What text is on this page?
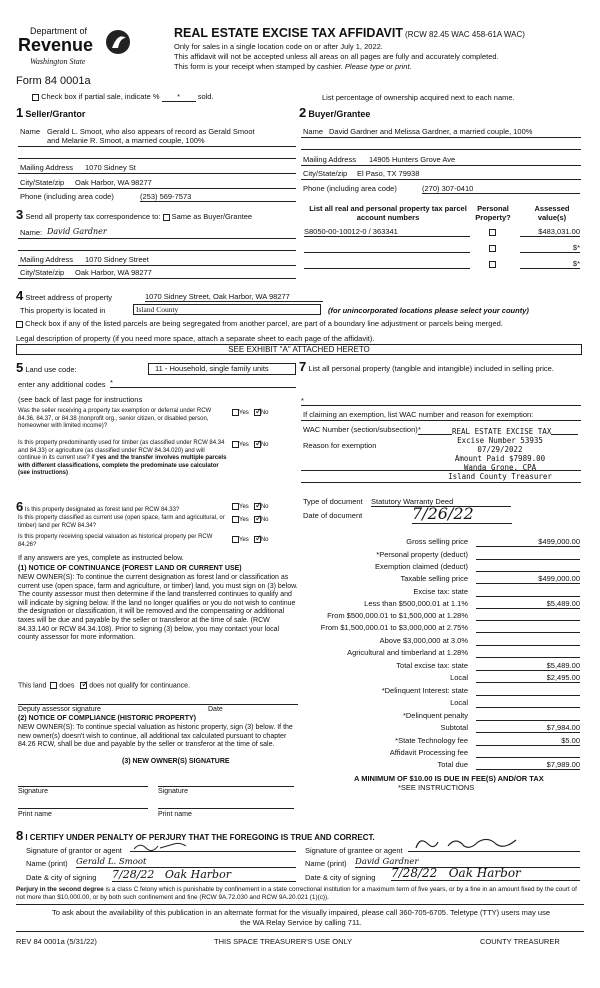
Department of
Revenue
Washington State
Form 84 0001a
REAL ESTATE EXCISE TAX AFFIDAVIT (RCW 82.45 WAC 458-61A WAC)
Only for sales in a single location code on or after July 1, 2022.
This affidavit will not be accepted unless all areas on all pages are fully and accurately completed.
This form is your receipt when stamped by cashier. Please type or print.
Check box if partial sale, indicate % * sold.	List percentage of ownership acquired next to each name.
1 Seller/Grantor
Name Gerald L. Smoot, who also appears of record as Gerald Smoot
and Melanie R. Smoot, a married couple, 100%
Mailing Address 1070 Sidney St
City/State/zip Oak Harbor, WA 98277
Phone (including area code)	(253) 569-7573
2 Buyer/Grantee
Name David Gardner and Melissa Gardner, a married couple, 100%
Mailing Address 14905 Hunters Grove Ave
City/State/zip El Paso, TX 79938
Phone (including area code)	(270) 307-0410
3 Send all property tax correspondence to: Same as Buyer/Grantee
Name: David Gardner
Mailing Address 1070 Sidney Street
City/State/zip Oak Harbor, WA 98277
List all real and personal property tax parcel account numbers
Personal Property?
Assessed value(s)
S8050-00-10012-0 / 363341	$483,031.00
$*
$*
4 Street address of property	1070 Sidney Street, Oak Harbor, WA 98277
This property is located in	Island County	(for unincorporated locations please select your county)
Check box if any of the listed parcels are being segregated from another parcel, are part of a boundary line adjustment or parcels being merged.
Legal description of property (if you need more space, attach a separate sheet to each page of the affidavit).
SEE EXHIBIT "A" ATTACHED HERETO
5 Land use code:	11 - Household, single family units
enter any additional codes *
(see back of last page for instructions
Was the seller receiving a property tax exemption or deferral under RCW 84.36, 84.37, or 84.38 (nonprofit org., senior citizen, or disabled person, homeowner with limited income)?
Yes ✓ No
Is this property predominantly used for timber (as classified under RCW 84.34 and 84.33) or agriculture (as classified under RCW 84.34.020) and will continue in its current use? If yes and the transfer involves multiple parcels with different classifications, complete the predominate use calculator (see instructions)
Yes ✓ No
6 Is this property designated as forest land per RCW 84.33?	Yes ✓ No
Is this property classified as current use (open space, farm and agricultural, or timber) land per RCW 84.34?
Yes ✓ No
Is this property receiving special valuation as historical property per RCW 84.26?
Yes ✓ No
If any answers are yes, complete as instructed below.
(1) NOTICE OF CONTINUANCE (FOREST LAND OR CURRENT USE)
NEW OWNER(S): To continue the current designation as forest land or classification as current use (open space, farm and agriculture, or timber) land, you must sign on (3) below. The county assessor must then determine if the land transferred continues to qualify and will indicate by signing below. If the land no longer qualifies or you do not wish to continue the designation or classification, it will be removed and the compensating or additional taxes will be due and payable by the seller or transferor at the time of sale. (RCW 84.33.140 or RCW 84.34.108). Prior to signing (3) below, you may contact your local county assessor for more information.
This land does ✓ does not qualify for continuance.
Deputy assessor signature	Date
(2) NOTICE OF COMPLIANCE (HISTORIC PROPERTY)
NEW OWNER(S): To continue special valuation as historic property, sign (3) below. If the new owner(s) doesn't wish to continue, all additional tax calculated pursuant to chapter 84.26 RCW, shall be due and payable by the seller or transferor at the time of sale.
(3) NEW OWNER(S) SIGNATURE
Signature	Signature
Print name	Print name
7 List all personal property (tangible and intangible) included in selling price.
*
If claiming an exemption, list WAC number and reason for exemption:
WAC Number (section/subsection) *
Reason for exemption
Excise Number 53935
07/29/2022
Amount Paid $7989.00
Wanda Grone, CPA
Island County Treasurer
REAL ESTATE EXCISE TAX
Type of document Statutory Warranty Deed
Date of document	7/26/22
Gross selling price	$499,000.00
*Personal property (deduct)
Exemption claimed (deduct)
Taxable selling price	$499,000.00
Excise tax: state
Less than $500,000.01 at 1.1%	$5,489.00
From $500,000.01 to $1,500,000 at 1.28%
From $1,500,000.01 to $3,000,000 at 2.75%
Above $3,000,000 at 3.0%
Agricultural and timberland at 1.28%
Total excise tax: state	$5,489.00
Local	$2,495.00
*Delinquent Interest: state
Local
*Delinquent penalty
Subtotal	$7,984.00
*State Technology fee	$5.00
Affidavit Processing fee
Total due	$7,989.00
A MINIMUM OF $10.00 IS DUE IN FEE(S) AND/OR TAX
*SEE INSTRUCTIONS
8 I CERTIFY UNDER PENALTY OF PERJURY THAT THE FOREGOING IS TRUE AND CORRECT.
Signature of grantor or agent	Signature of grantee or agent
Name (print) Gerald L. Smoot	Name (print) David Gardner
Date & city of signing 7/28/22   Oak Harbor	Date & city of signing 7/28/22   Oak Harbor
Perjury in the second degree is a class C felony which is punishable by confinement in a state correctional institution for a maximum term of five years, or by a fine in an amount fixed by the court of not more than $10,000.00, or by both such confinement and fine (RCW 9A.72.030 and RCW 9A.20.021 (1)(c)).
To ask about the availability of this publication in an alternate format for the visually impaired, please call 360-705-6705. Teletype (TTY) users may use the WA Relay Service by calling 711.
REV 84 0001a (5/31/22)	THIS SPACE TREASURER'S USE ONLY	COUNTY TREASURER
